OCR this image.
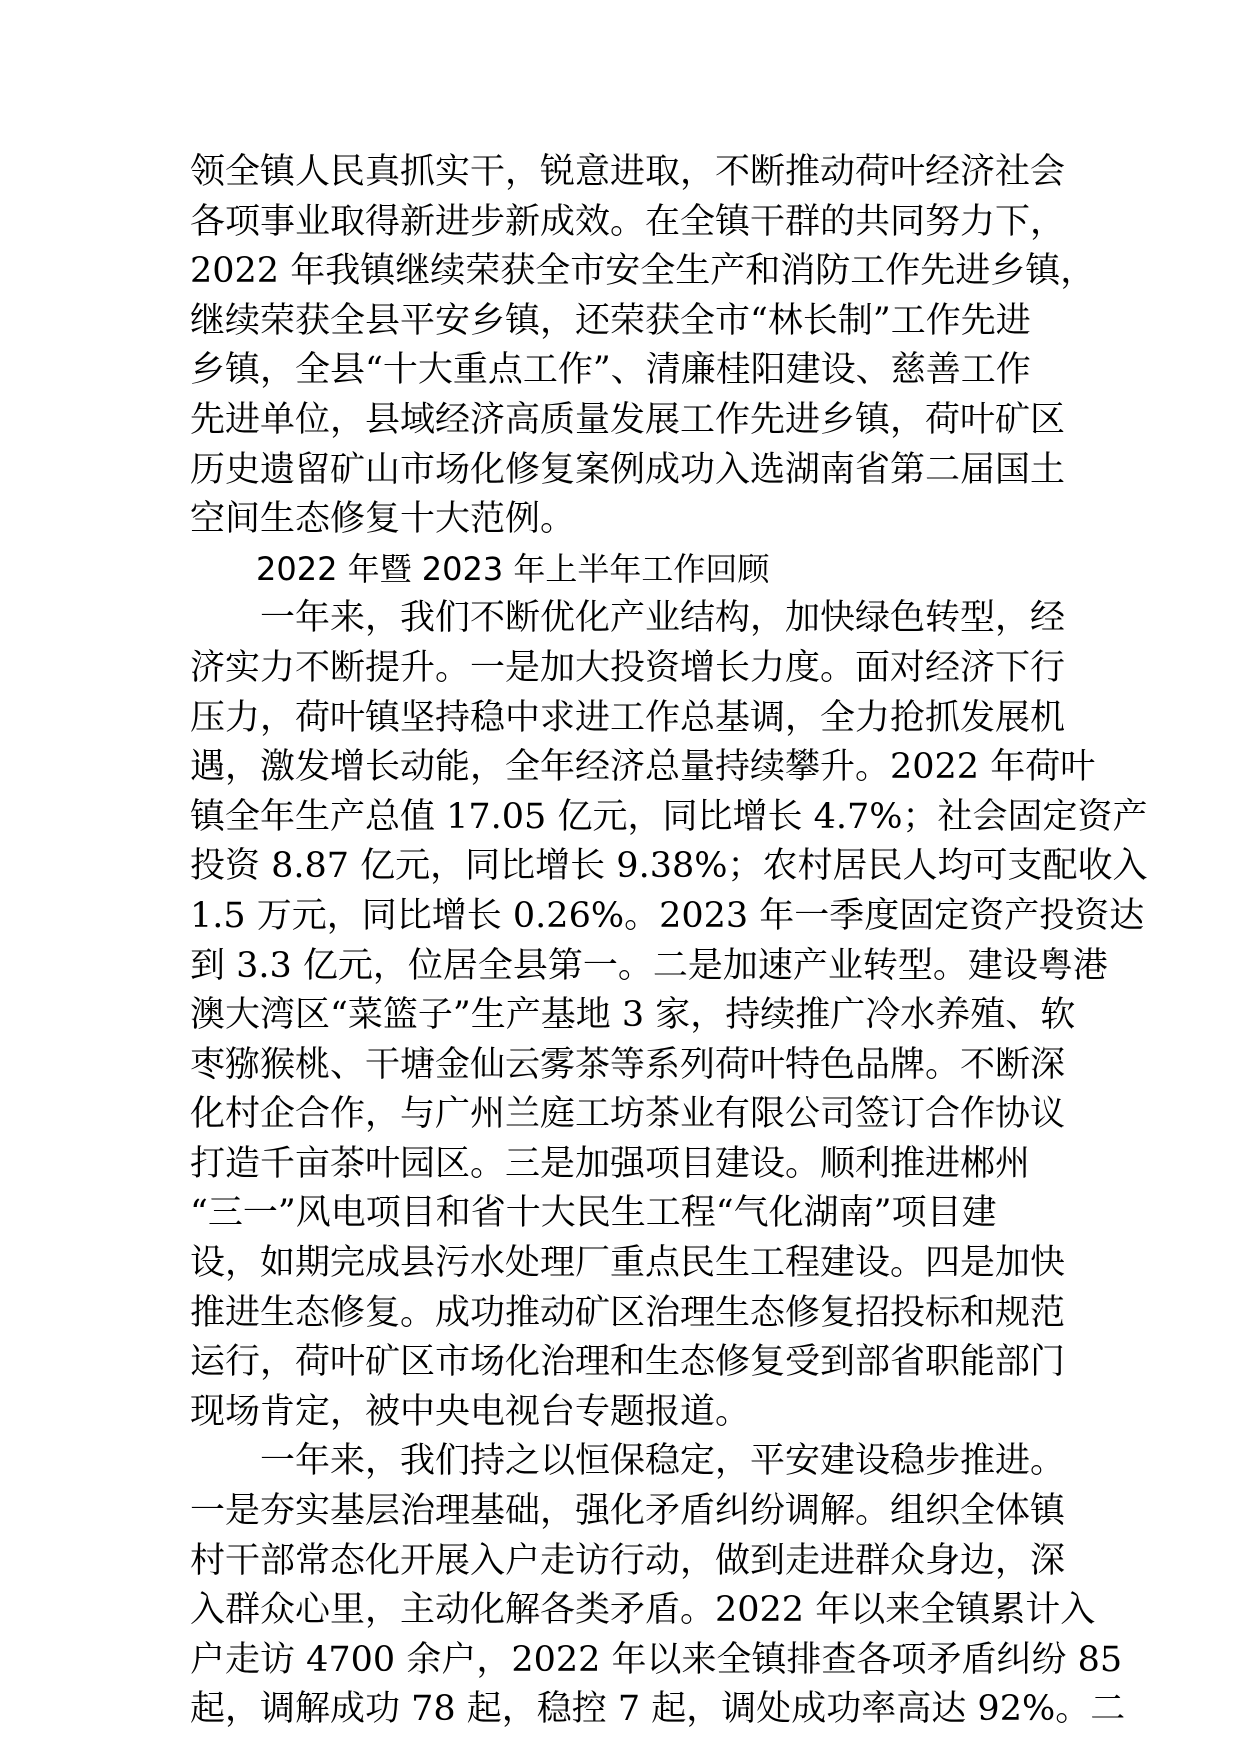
领全镇人民真抓实干，锐意进取，不断推动荷叶经济社会
各项事业取得新进步新成效。在全镇干群的共同努力下，
2022 年我镇继续荣获全市安全生产和消防工作先进乡镇，
继续荣获全县平安乡镇，还荣获全市“林长制”工作先进
乡镇，全县“十大重点工作”、清廉桂阳建设、慈善工作
先进单位，县域经济高质量发展工作先进乡镇，荷叶矿区
历史遗留矿山市场化修复案例成功入选湖南省第二届国土
空间生态修复十大范例。
2022 年暨 2023 年上半年工作回顾
一年来，我们不断优化产业结构，加快绿色转型，经
济实力不断提升。一是加大投资增长力度。面对经济下行
压力，荷叶镇坚持稳中求进工作总基调，全力抢抓发展机
遇，激发增长动能，全年经济总量持续攀升。2022 年荷叶
镇全年生产总值 17.05 亿元，同比增长 4.7%；社会固定资产
投资 8.87 亿元，同比增长 9.38%；农村居民人均可支配收入
1.5 万元，同比增长 0.26%。2023 年一季度固定资产投资达
到 3.3 亿元，位居全县第一。二是加速产业转型。建设粤港
澳大湾区“菜篮子”生产基地 3 家，持续推广冷水养殖、软
枣猕猴桃、干塘金仙云雾茶等系列荷叶特色品牌。不断深
化村企合作，与广州兰庭工坊茶业有限公司签订合作协议
打造千亩茶叶园区。三是加强项目建设。顺利推进郴州
“三一”风电项目和省十大民生工程“气化湖南”项目建
设，如期完成县污水处理厂重点民生工程建设。四是加快
推进生态修复。成功推动矿区治理生态修复招投标和规范
运行，荷叶矿区市场化治理和生态修复受到部省职能部门
现场肯定，被中央电视台专题报道。
一年来，我们持之以恒保稳定，平安建设稳步推进。
一是夯实基层治理基础，强化矛盾纠纷调解。组织全体镇
村干部常态化开展入户走访行动，做到走进群众身边，深
入群众心里，主动化解各类矛盾。2022 年以来全镇累计入
户走访 4700 余户，2022 年以来全镇排查各项矛盾纠纷 85
起，调解成功 78 起，稳控 7 起，调处成功率高达 92%。二
